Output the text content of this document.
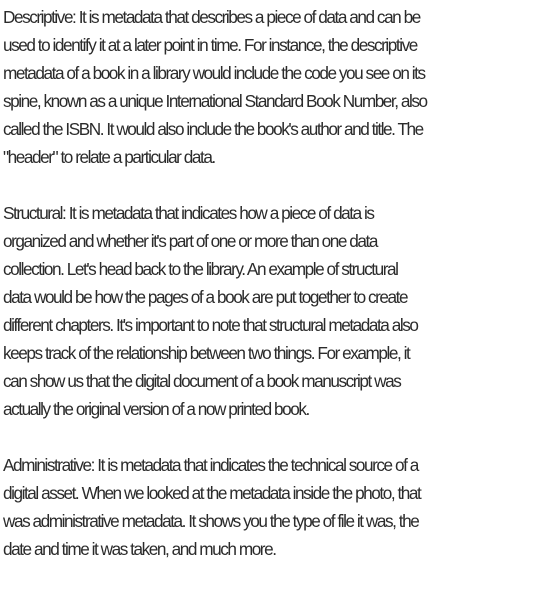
Descriptive: It is metadata that describes a piece of data and can be
used to identify it at a later point in time. For instance, the descriptive
metadata of a book in a library would include the code you see on its
spine, known as a unique International Standard Book Number, also
called the ISBN. It would also include the book's author and title. The
"header" to relate a particular data.

Structural: It is metadata that indicates how a piece of data is
organized and whether it's part of one or more than one data
collection. Let's head back to the library. An example of structural
data would be how the pages of a book are put together to create
different chapters. It's important to note that structural metadata also
keeps track of the relationship between two things. For example, it
can show us that the digital document of a book manuscript was
actually the original version of a now printed book.

Administrative: It is metadata that indicates the technical source of a
digital asset. When we looked at the metadata inside the photo, that
was administrative metadata. It shows you the type of file it was, the
date and time it was taken, and much more.
